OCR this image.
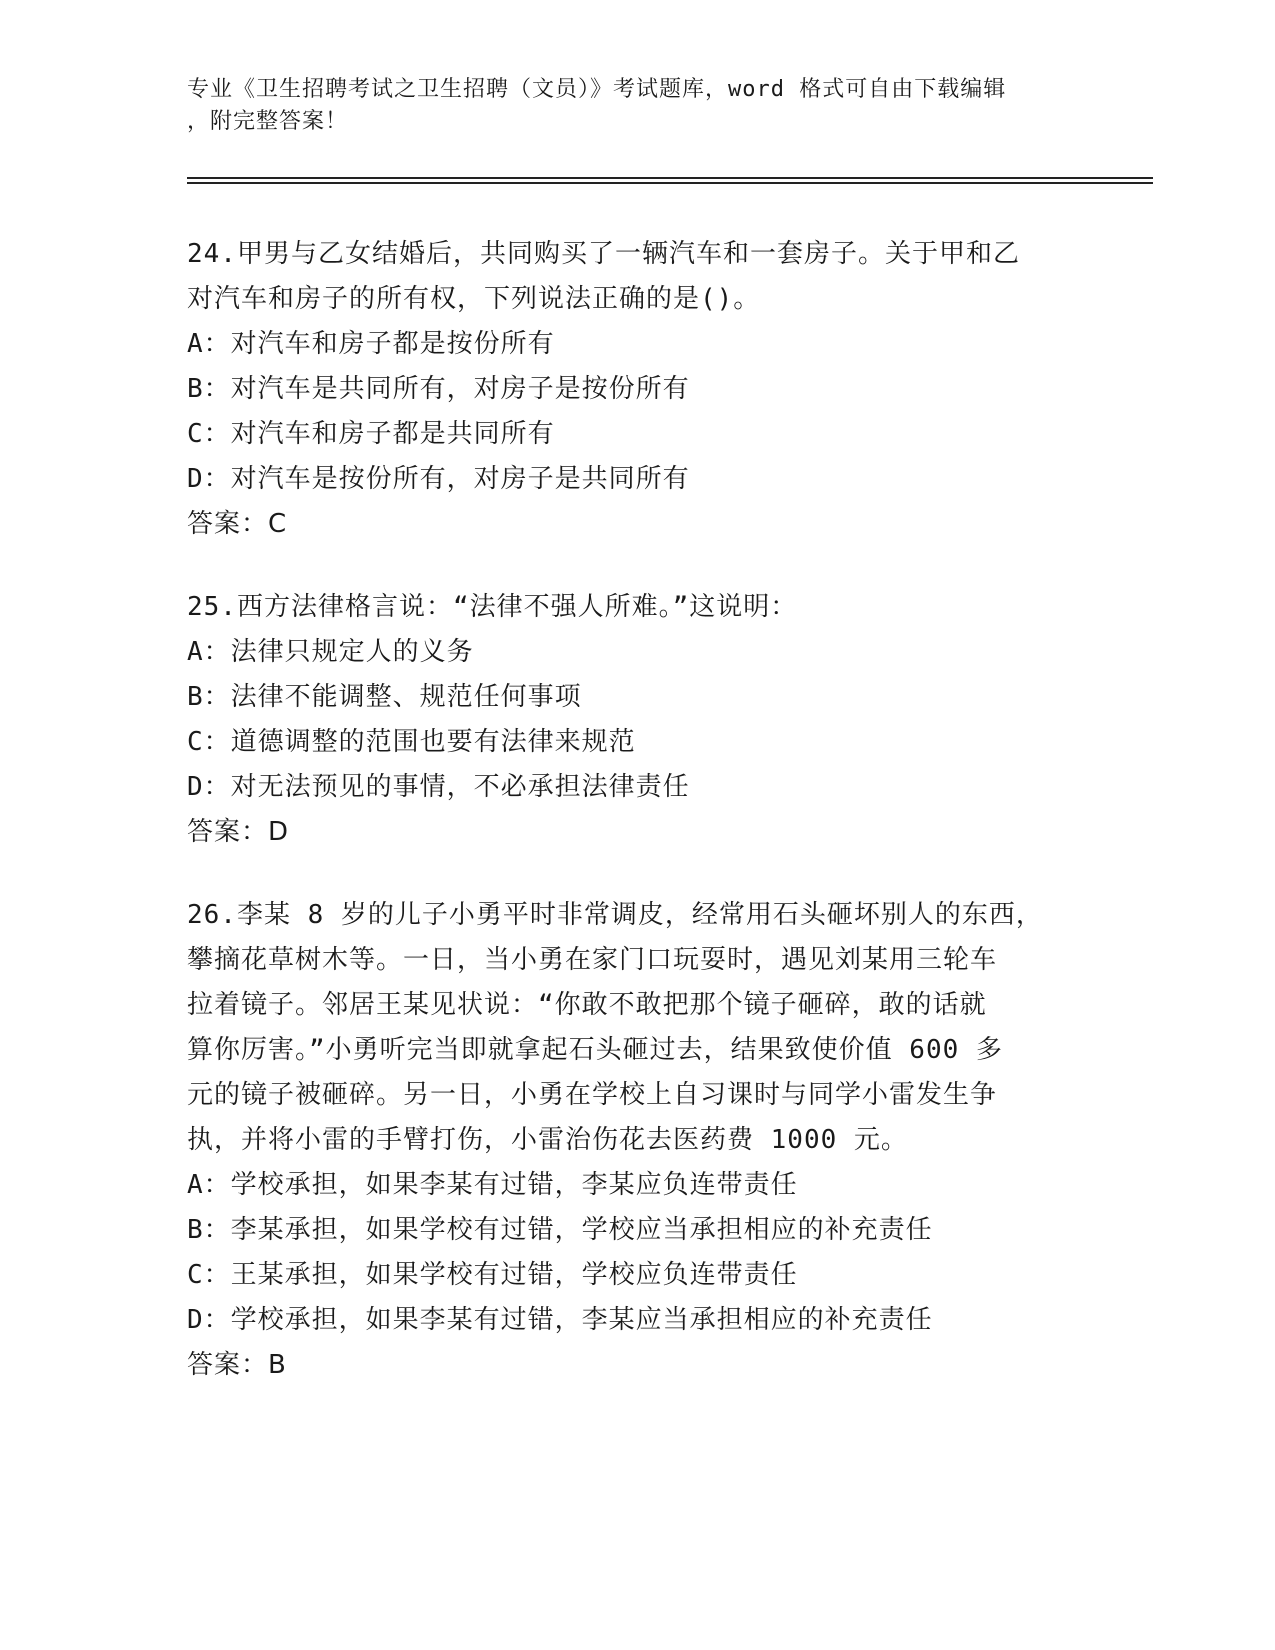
专业《卫生招聘考试之卫生招聘（文员）》考试题库，word 格式可自由下载编辑
，附完整答案！
24.甲男与乙女结婚后，共同购买了一辆汽车和一套房子。关于甲和乙
对汽车和房子的所有权，下列说法正确的是()。
A：对汽车和房子都是按份所有
B：对汽车是共同所有，对房子是按份所有
C：对汽车和房子都是共同所有
D：对汽车是按份所有，对房子是共同所有
答案：C
25.西方法律格言说：“法律不强人所难。”这说明：
A：法律只规定人的义务
B：法律不能调整、规范任何事项
C：道德调整的范围也要有法律来规范
D：对无法预见的事情，不必承担法律责任
答案：D
26.李某 8 岁的儿子小勇平时非常调皮，经常用石头砸坏别人的东西，
攀摘花草树木等。一日，当小勇在家门口玩耍时，遇见刘某用三轮车
拉着镜子。邻居王某见状说：“你敢不敢把那个镜子砸碎，敢的话就
算你厉害。”小勇听完当即就拿起石头砸过去，结果致使价值 600 多
元的镜子被砸碎。另一日，小勇在学校上自习课时与同学小雷发生争
执，并将小雷的手臂打伤，小雷治伤花去医药费 1000 元。
A：学校承担，如果李某有过错，李某应负连带责任
B：李某承担，如果学校有过错，学校应当承担相应的补充责任
C：王某承担，如果学校有过错，学校应负连带责任
D：学校承担，如果李某有过错，李某应当承担相应的补充责任
答案：B
